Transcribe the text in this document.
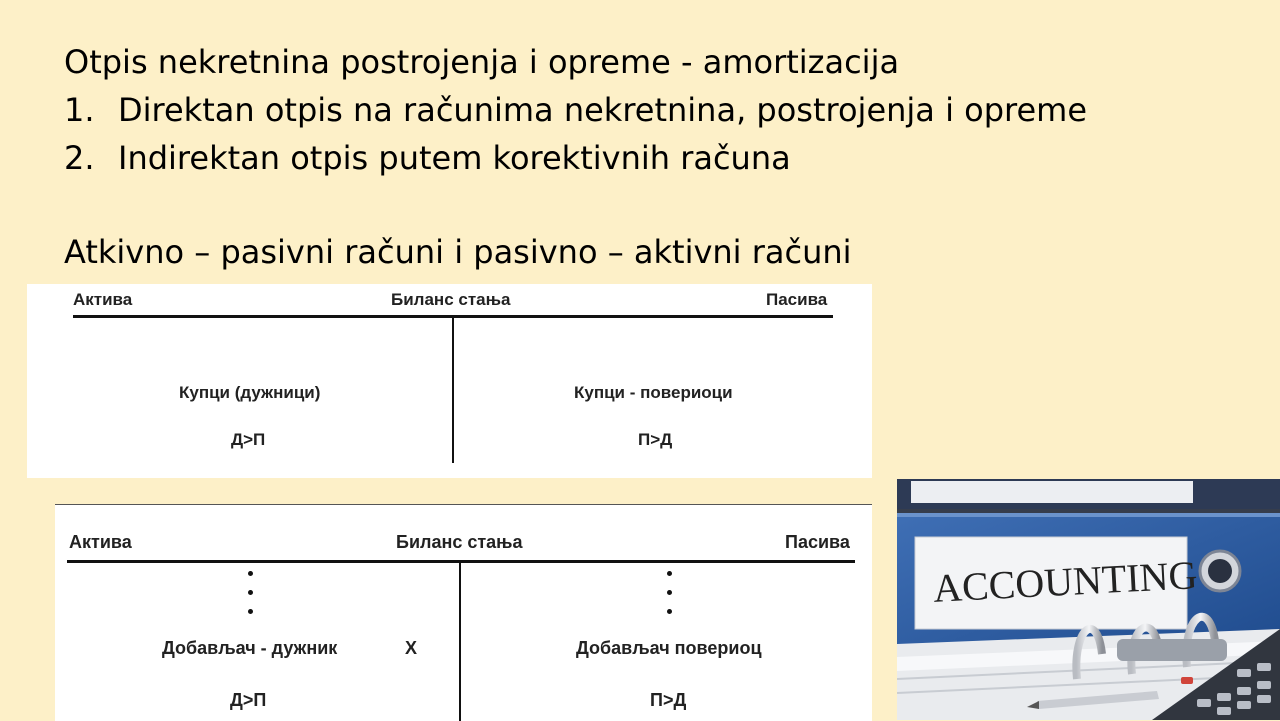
Otpis nekretnina postrojenja i opreme - amortizacija
1. Direktan otpis na računima nekretnina, postrojenja i opreme
2. Indirektan otpis putem korektivnih računa
Atkivno – pasivni računi i pasivno – aktivni računi
Актива	Биланс стања	Пасива
Купци (дужници)
Д>П
Купци - повериоци
П>Д
Актива	Биланс стања	Пасива
Добављач - дужник	X
Д>П
Добављач повериоц
П>Д
ACCOUNTING
